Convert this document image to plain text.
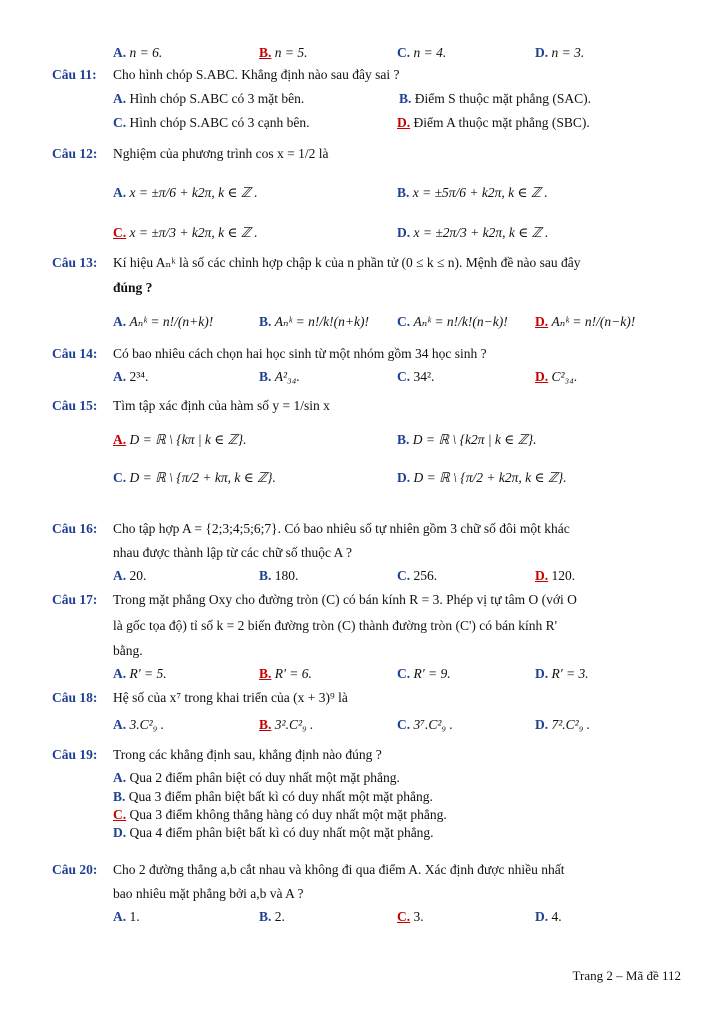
A. n = 6.	B. n = 5.	C. n = 4.	D. n = 3.
Câu 11: Cho hình chóp S.ABC. Khẳng định nào sau đây sai ?
A. Hình chóp S.ABC có 3 mặt bên.	B. Điểm S thuộc mặt phẳng (SAC).
C. Hình chóp S.ABC có 3 cạnh bên.	D. Điểm A thuộc mặt phẳng (SBC).
Câu 12: Nghiệm của phương trình cos x = 1/2 là
A. x = ±π/6 + k2π, k ∈ ℤ .	B. x = ±5π/6 + k2π, k ∈ ℤ .
C. x = ±π/3 + k2π, k ∈ ℤ .	D. x = ±2π/3 + k2π, k ∈ ℤ .
Câu 13: Kí hiệu Aₙᵏ là số các chỉnh hợp chập k của n phần tử (0 ≤ k ≤ n). Mệnh đề nào sau đây
đúng ?
A. Aₙᵏ = n!/(n+k)!	B. Aₙᵏ = n!/k!(n+k)! C. Aₙᵏ = n!/k!(n−k)! D. Aₙᵏ = n!/(n−k)!
Câu 14: Có bao nhiêu cách chọn hai học sinh từ một nhóm gồm 34 học sinh ?
A. 2³⁴.	B. A²₃₄.	C. 34².	D. C²₃₄.
Câu 15: Tìm tập xác định của hàm số y = 1/sin x
A. D = ℝ \ {kπ | k ∈ ℤ}.	B. D = ℝ \ {k2π | k ∈ ℤ}.
C. D = ℝ \ {π/2 + kπ, k ∈ ℤ}.	D. D = ℝ \ {π/2 + k2π, k ∈ ℤ}.
Câu 16: Cho tập hợp A = {2;3;4;5;6;7}. Có bao nhiêu số tự nhiên gồm 3 chữ số đôi một khác
nhau được thành lập từ các chữ số thuộc A ?
A. 20.	B. 180.	C. 256.	D. 120.
Câu 17: Trong mặt phẳng Oxy cho đường tròn (C) có bán kính R = 3. Phép vị tự tâm O (với O
là gốc tọa độ) tỉ số k = 2 biến đường tròn (C) thành đường tròn (C') có bán kính R'
bằng.
A. R' = 5.	B. R' = 6.	C. R' = 9.	D. R' = 3.
Câu 18: Hệ số của x⁷ trong khai triển của (x + 3)⁹ là
A. 3.C²₉ .	B. 3².C²₉ .	C. 3⁷.C²₉ .	D. 7².C²₉ .
Câu 19: Trong các khẳng định sau, khẳng định nào đúng ?
A. Qua 2 điểm phân biệt có duy nhất một mặt phẳng.
B. Qua 3 điểm phân biệt bất kì có duy nhất một mặt phẳng.
C. Qua 3 điểm không thẳng hàng có duy nhất một mặt phẳng.
D. Qua 4 điểm phân biệt bất kì có duy nhất một mặt phẳng.
Câu 20: Cho 2 đường thẳng a,b cắt nhau và không đi qua điểm A. Xác định được nhiều nhất
bao nhiêu mặt phẳng bởi a,b và A ?
A. 1.	B. 2.	C. 3.	D. 4.
Trang 2 – Mã đề 112
